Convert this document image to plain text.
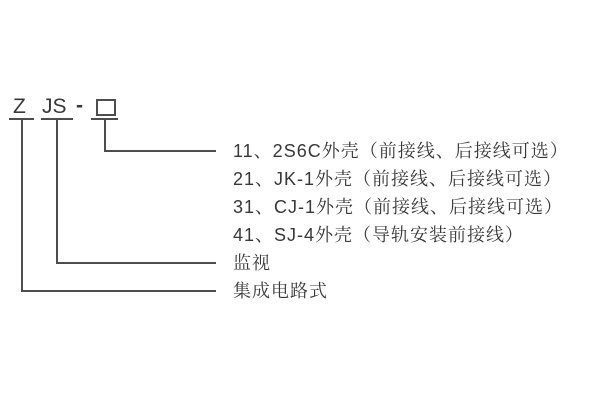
Z JS -
11、2S6C外壳（前接线、后接线可选）
21、JK-1外壳（前接线、后接线可选）
31、CJ-1外壳（前接线、后接线可选）
41、SJ-4外壳（导轨安装前接线）
监视
集成电路式
